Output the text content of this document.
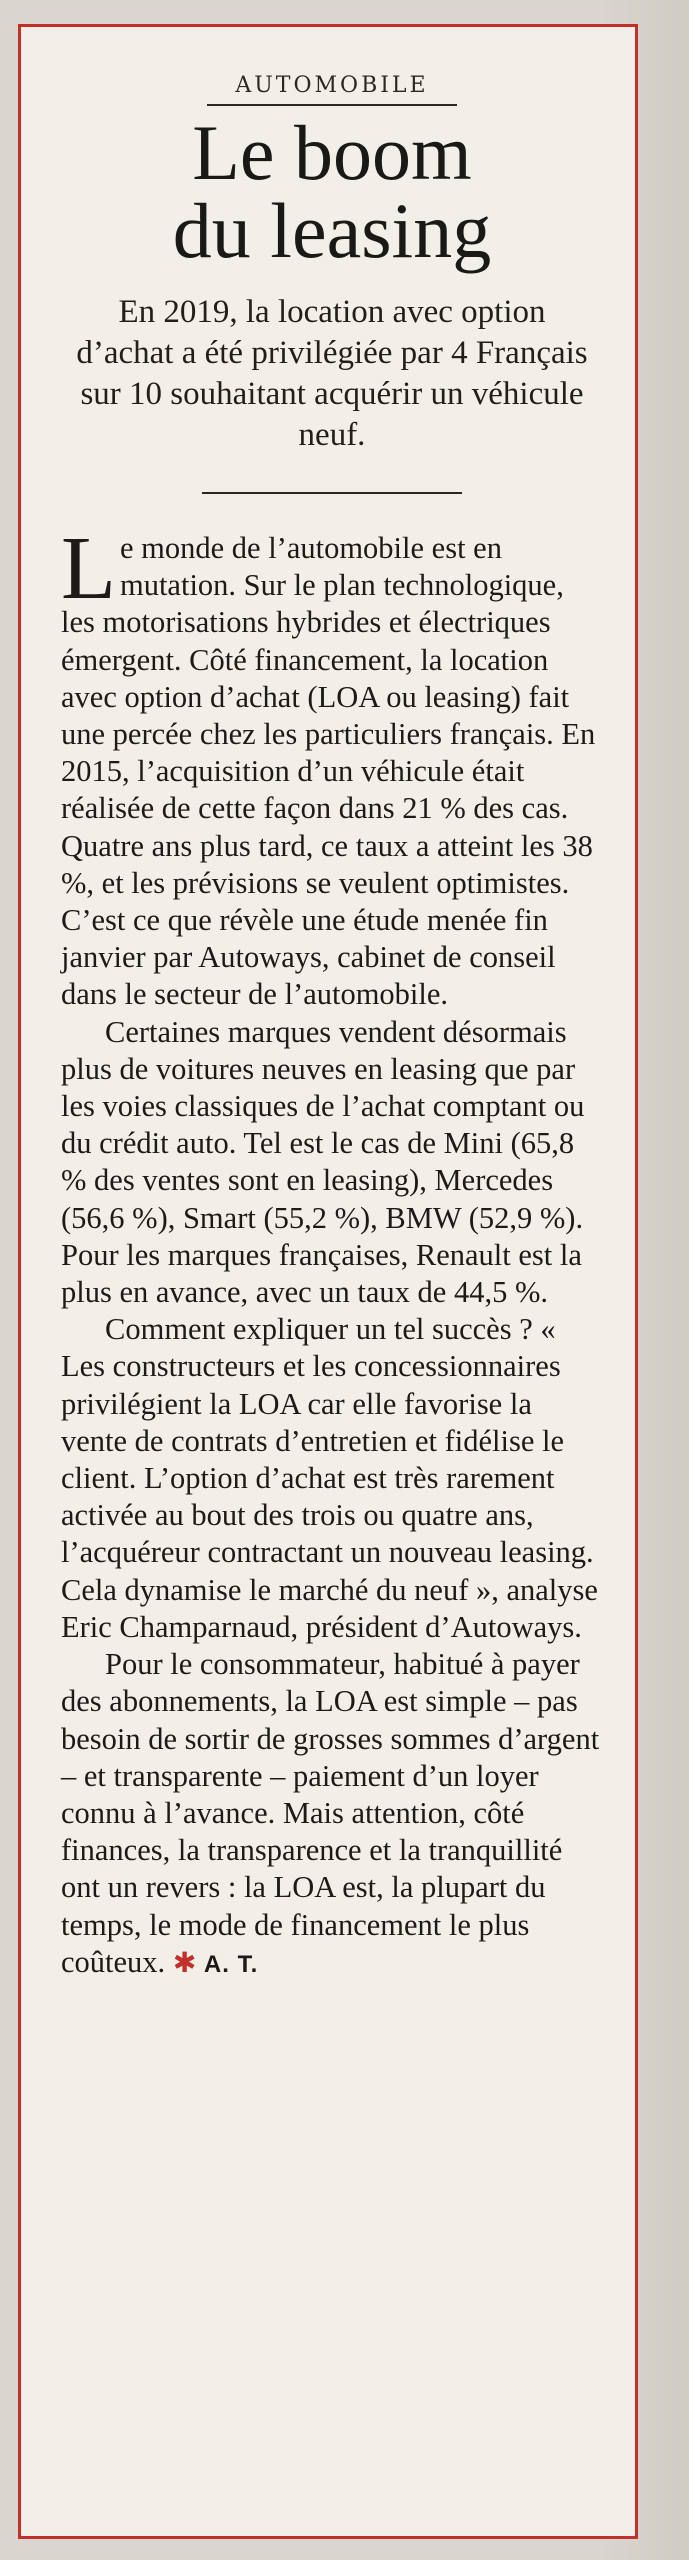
AUTOMOBILE
Le boom
du leasing
En 2019, la location avec option d’achat a été privilégiée par 4 Français sur 10 souhaitant acquérir un véhicule neuf.

Le monde de l’automobile est en mutation. Sur le plan technologique, les motorisations hybrides et électriques émergent. Côté financement, la location avec option d’achat (LOA ou leasing) fait une percée chez les particuliers français. En 2015, l’acquisition d’un véhicule était réalisée de cette façon dans 21 % des cas. Quatre ans plus tard, ce taux a atteint les 38 %, et les prévisions se veulent optimistes. C’est ce que révèle une étude menée fin janvier par Autoways, cabinet de conseil dans le secteur de l’automobile.

Certaines marques vendent désormais plus de voitures neuves en leasing que par les voies classiques de l’achat comptant ou du crédit auto. Tel est le cas de Mini (65,8 % des ventes sont en leasing), Mercedes (56,6 %), Smart (55,2 %), BMW (52,9 %). Pour les marques françaises, Renault est la plus en avance, avec un taux de 44,5 %.

Comment expliquer un tel succès ? « Les constructeurs et les concessionnaires privilégient la LOA car elle favorise la vente de contrats d’entretien et fidélise le client. L’option d’achat est très rarement activée au bout des trois ou quatre ans, l’acquéreur contractant un nouveau leasing. Cela dynamise le marché du neuf », analyse Eric Champarnaud, président d’Autoways.

Pour le consommateur, habitué à payer des abonnements, la LOA est simple – pas besoin de sortir de grosses sommes d’argent – et transparente – paiement d’un loyer connu à l’avance. Mais attention, côté finances, la transparence et la tranquillité ont un revers : la LOA est, la plupart du temps, le mode de financement le plus coûteux. ✱ A. T.
